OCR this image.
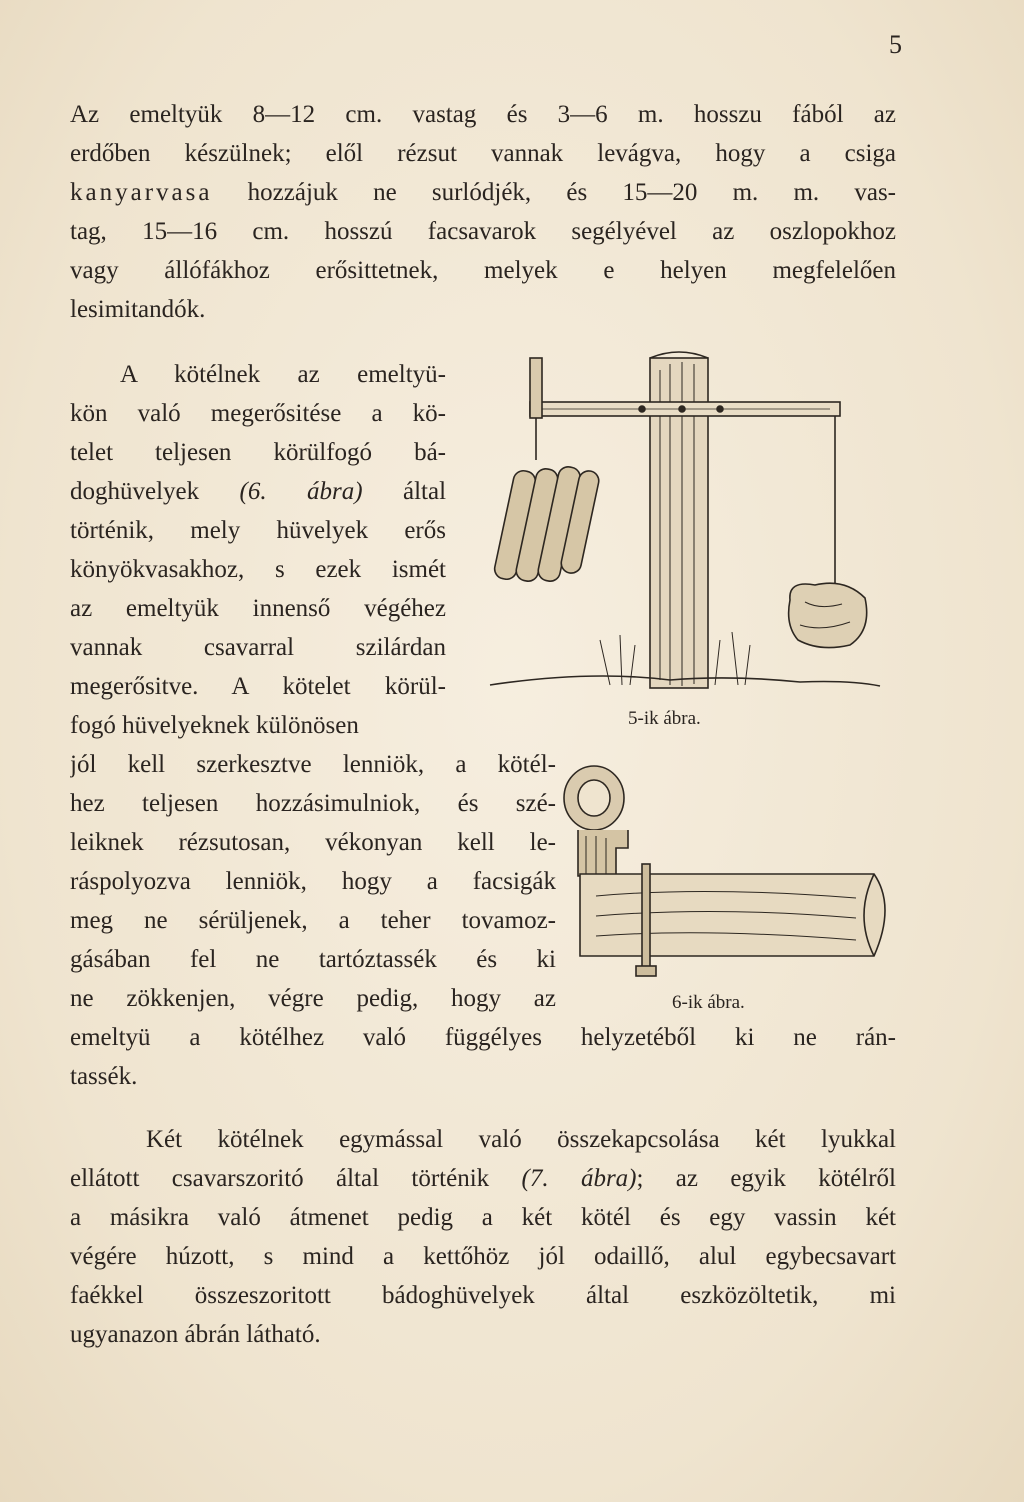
5
Az emeltyük 8—12 cm. vastag és 3—6 m. hosszu fából az
erdőben készülnek; elől rézsut vannak levágva, hogy a csiga
kanyarvasa hozzájuk ne surlódjék, és 15—20 m. m. vas-
tag, 15—16 cm. hosszú facsavarok segélyével az oszlopokhoz
vagy állófákhoz erősittetnek, melyek e helyen megfelelően
lesimitandók.
A kötélnek az emeltyü-
kön való megerősitése a kö-
telet teljesen körülfogó bá-
doghüvelyek (6. ábra) által
történik, mely hüvelyek erős
könyökvasakhoz, s ezek ismét
az emeltyük innenső végéhez
vannak csavarral szilárdan
megerősitve. A kötelet körül-
fogó hüvelyeknek különösen
jól kell szerkesztve lenniök, a kötél-
hez teljesen hozzásimulniok, és szé-
leiknek rézsutosan, vékonyan kell le-
ráspolyozva lenniök, hogy a facsigák
meg ne sérüljenek, a teher tovamoz-
gásában fel ne tartóztassék és ki
ne zökkenjen, végre pedig, hogy az
emeltyü a kötélhez való függélyes helyzetéből ki ne rán-
tassék.
Két kötélnek egymással való összekapcsolása két lyukkal
ellátott csavarszoritó által történik (7. ábra); az egyik kötélről
a másikra való átmenet pedig a két kötél és egy vassin két
végére húzott, s mind a kettőhöz jól odaillő, alul egybecsavart
faékkel összeszoritott bádoghüvelyek által eszközöltetik, mi
ugyanazon ábrán látható.
5-ik ábra.
6-ik ábra.
